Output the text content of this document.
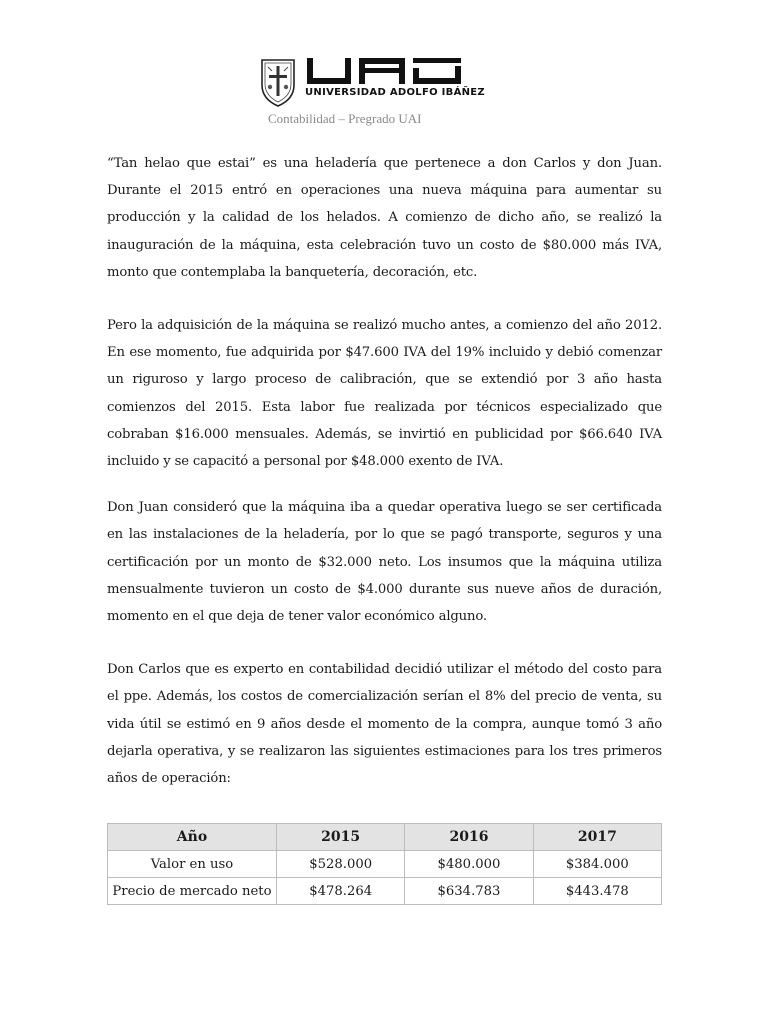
UNIVERSIDAD ADOLFO IBÁÑEZ
Contabilidad – Pregrado UAI

“Tan helao que estai” es una heladería que pertenece a don Carlos y don Juan. Durante el 2015 entró en operaciones una nueva máquina para aumentar su producción y la calidad de los helados. A comienzo de dicho año, se realizó la inauguración de la máquina, esta celebración tuvo un costo de $80.000 más IVA, monto que contemplaba la banquetería, decoración, etc.

Pero la adquisición de la máquina se realizó mucho antes, a comienzo del año 2012. En ese momento, fue adquirida por $47.600 IVA del 19% incluido y debió comenzar un riguroso y largo proceso de calibración, que se extendió por 3 año hasta comienzos del 2015. Esta labor fue realizada por técnicos especializado que cobraban $16.000 mensuales. Además, se invirtió en publicidad por $66.640 IVA incluido y se capacitó a personal por $48.000 exento de IVA.

Don Juan consideró que la máquina iba a quedar operativa luego se ser certificada en las instalaciones de la heladería, por lo que se pagó transporte, seguros y una certificación por un monto de $32.000 neto. Los insumos que la máquina utiliza mensualmente tuvieron un costo de $4.000 durante sus nueve años de duración, momento en el que deja de tener valor económico alguno.

Don Carlos que es experto en contabilidad decidió utilizar el método del costo para el ppe. Además, los costos de comercialización serían el 8% del precio de venta, su vida útil se estimó en 9 años desde el momento de la compra, aunque tomó 3 año dejarla operativa, y se realizaron las siguientes estimaciones para los tres primeros años de operación:

Año	2015	2016	2017
Valor en uso	$528.000	$480.000	$384.000
Precio de mercado neto	$478.264	$634.783	$443.478
